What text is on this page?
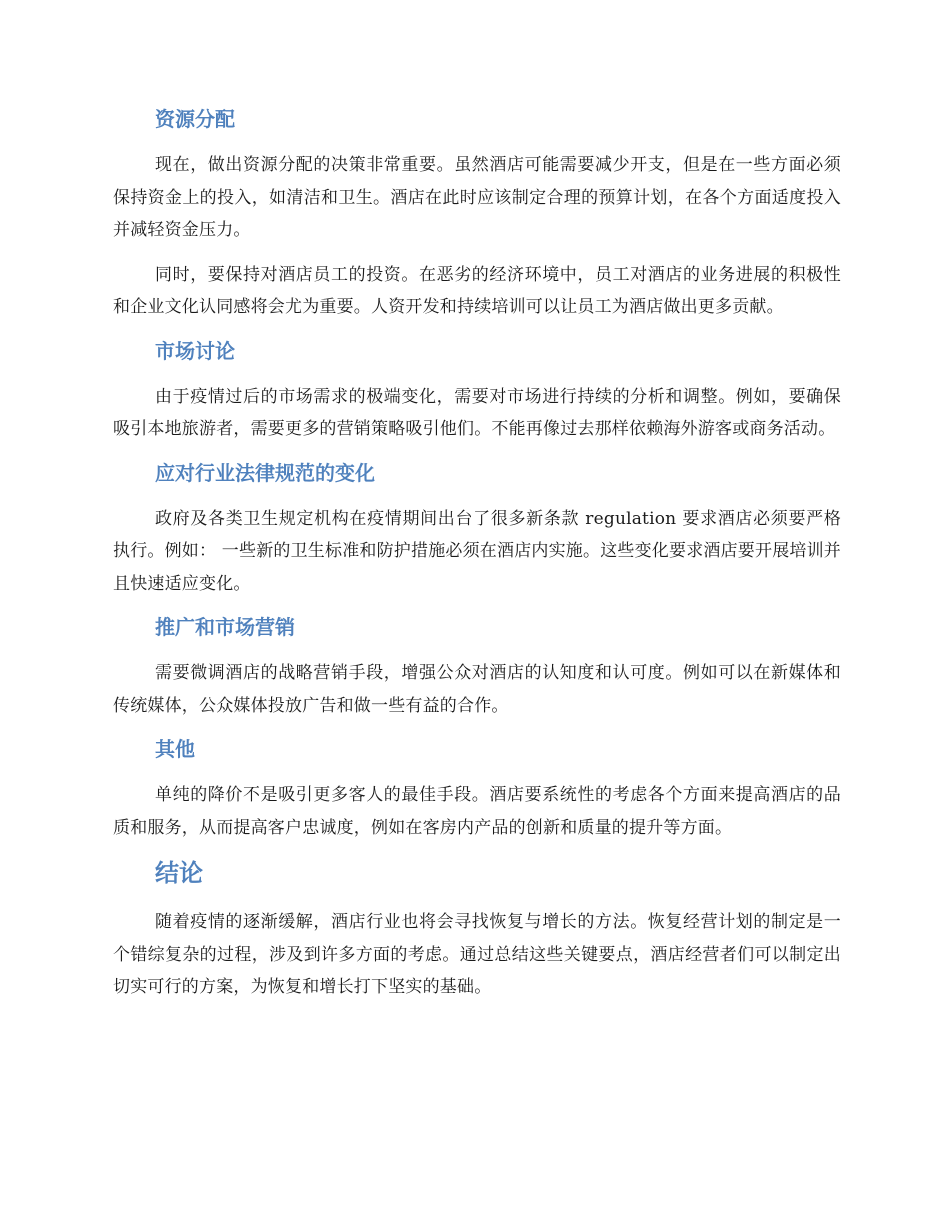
资源分配

现在，做出资源分配的决策非常重要。虽然酒店可能需要减少开支，但是在一些方面必须保持资金上的投入，如清洁和卫生。酒店在此时应该制定合理的预算计划，在各个方面适度投入并减轻资金压力。

同时，要保持对酒店员工的投资。在恶劣的经济环境中，员工对酒店的业务进展的积极性和企业文化认同感将会尤为重要。人资开发和持续培训可以让员工为酒店做出更多贡献。

市场讨论

由于疫情过后的市场需求的极端变化，需要对市场进行持续的分析和调整。例如，要确保吸引本地旅游者，需要更多的营销策略吸引他们。不能再像过去那样依赖海外游客或商务活动。

应对行业法律规范的变化

政府及各类卫生规定机构在疫情期间出台了很多新条款 regulation 要求酒店必须要严格执行。例如： 一些新的卫生标准和防护措施必须在酒店内实施。这些变化要求酒店要开展培训并且快速适应变化。

推广和市场营销

需要微调酒店的战略营销手段，增强公众对酒店的认知度和认可度。例如可以在新媒体和传统媒体，公众媒体投放广告和做一些有益的合作。

其他

单纯的降价不是吸引更多客人的最佳手段。酒店要系统性的考虑各个方面来提高酒店的品质和服务，从而提高客户忠诚度，例如在客房内产品的创新和质量的提升等方面。

结论

随着疫情的逐渐缓解，酒店行业也将会寻找恢复与增长的方法。恢复经营计划的制定是一个错综复杂的过程，涉及到许多方面的考虑。通过总结这些关键要点，酒店经营者们可以制定出切实可行的方案，为恢复和增长打下坚实的基础。
